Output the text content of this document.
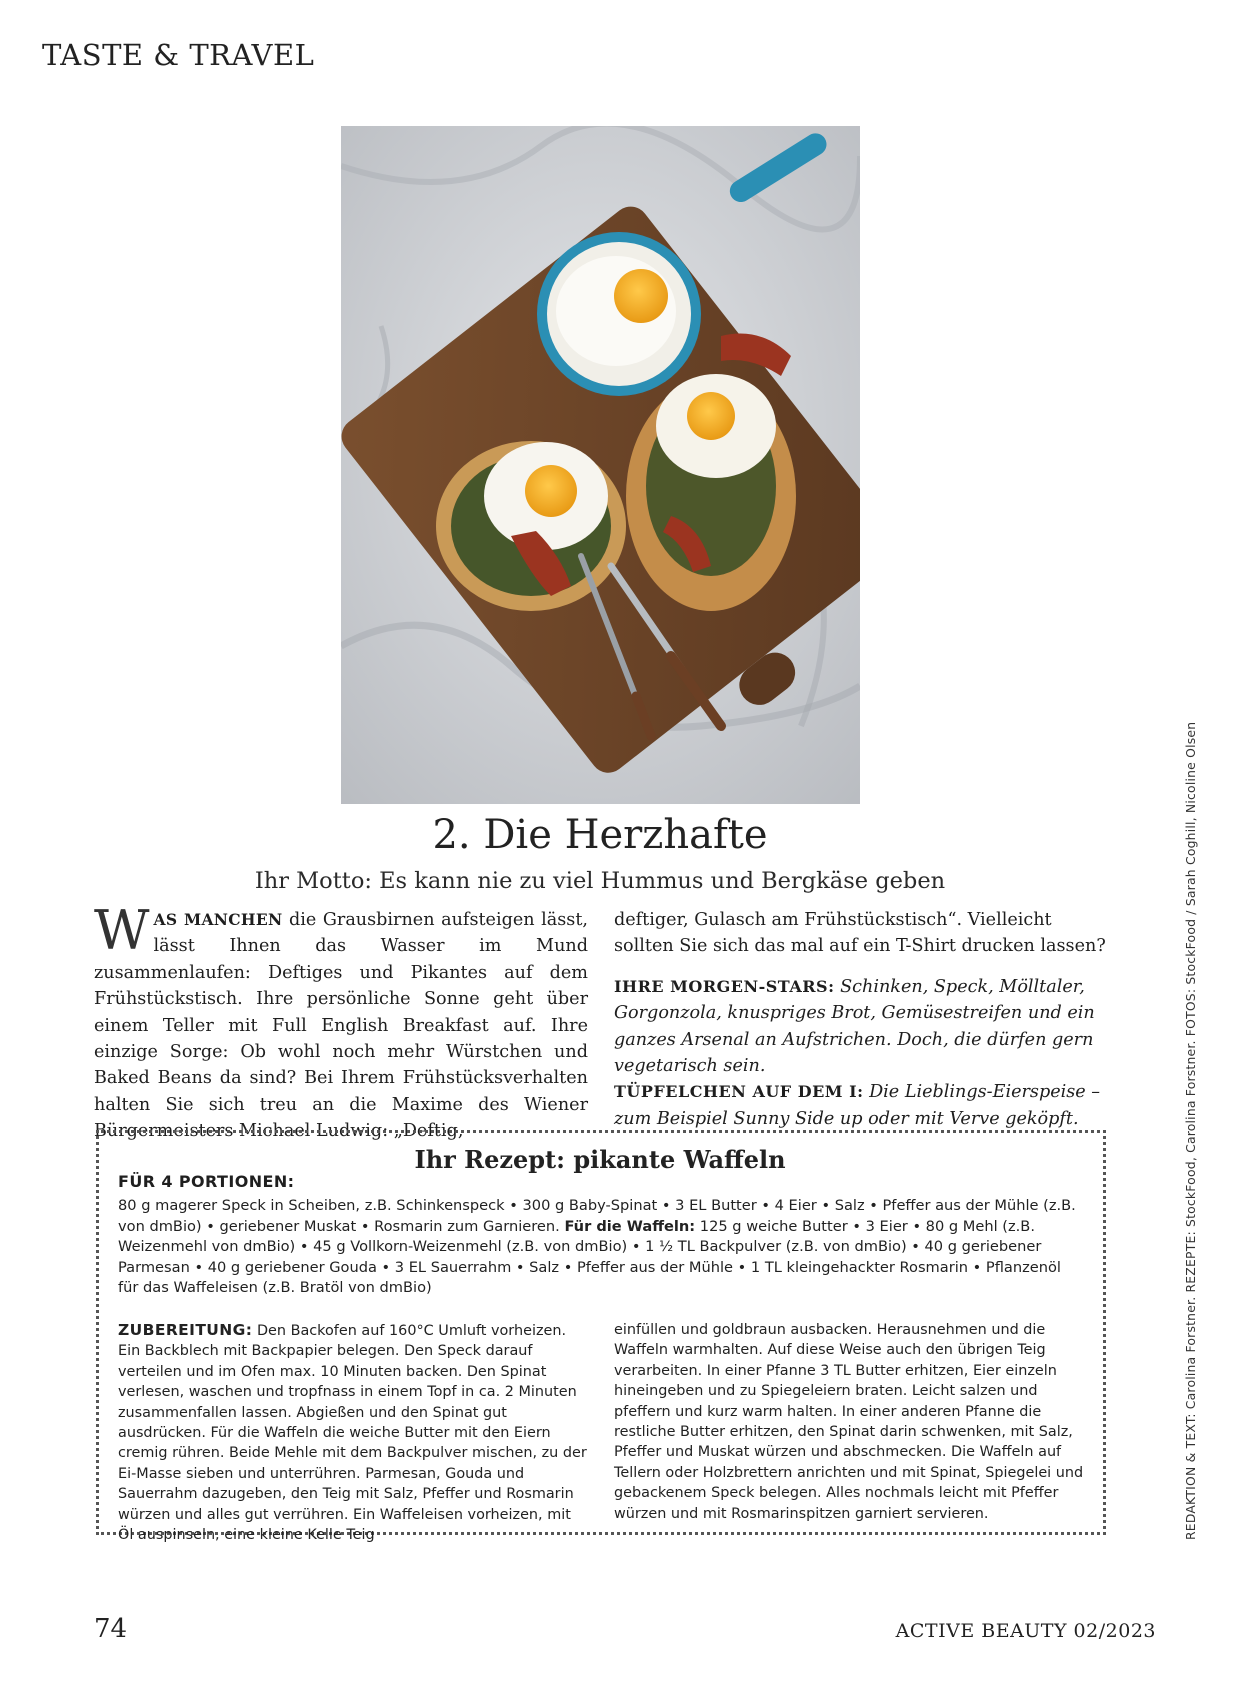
TASTE & TRAVEL
2. Die Herzhafte
Ihr Motto: Es kann nie zu viel Hummus und Bergkäse geben
WAS MANCHEN die Grausbirnen aufsteigen lässt, lässt Ihnen das Wasser im Mund zusammenlaufen: Deftiges und Pikantes auf dem Frühstückstisch. Ihre persönliche Sonne geht über einem Teller mit Full English Breakfast auf. Ihre einzige Sorge: Ob wohl noch mehr Würstchen und Baked Beans da sind? Bei Ihrem Frühstücksverhalten halten Sie sich treu an die Maxime des Wiener Bürgermeisters Michael Ludwig: „Deftig,
deftiger, Gulasch am Frühstückstisch“. Vielleicht sollten Sie sich das mal auf ein T-Shirt drucken lassen?
IHRE MORGEN-STARS: Schinken, Speck, Mölltaler, Gorgonzola, knuspriges Brot, Gemüsestreifen und ein ganzes Arsenal an Aufstrichen. Doch, die dürfen gern vegetarisch sein.
TÜPFELCHEN AUF DEM I: Die Lieblings-Eierspeise – zum Beispiel Sunny Side up oder mit Verve geköpft.
Ihr Rezept: pikante Waffeln
FÜR 4 PORTIONEN:
80 g magerer Speck in Scheiben, z.B. Schinkenspeck • 300 g Baby-Spinat • 3 EL Butter • 4 Eier • Salz • Pfeffer aus der Mühle (z.B. von dmBio) • geriebener Muskat • Rosmarin zum Garnieren. Für die Waffeln: 125 g weiche Butter • 3 Eier • 80 g Mehl (z.B. Weizenmehl von dmBio) • 45 g Vollkorn-Weizenmehl (z.B. von dmBio) • 1 ½ TL Backpulver (z.B. von dmBio) • 40 g geriebener Parmesan • 40 g geriebener Gouda • 3 EL Sauerrahm • Salz • Pfeffer aus der Mühle • 1 TL kleingehackter Rosmarin • Pflanzenöl für das Waffeleisen (z.B. Bratöl von dmBio)
ZUBEREITUNG: Den Backofen auf 160°C Umluft vorheizen. Ein Backblech mit Backpapier belegen. Den Speck darauf verteilen und im Ofen max. 10 Minuten backen. Den Spinat verlesen, waschen und tropfnass in einem Topf in ca. 2 Minuten zusammenfallen lassen. Abgießen und den Spinat gut ausdrücken. Für die Waffeln die weiche Butter mit den Eiern cremig rühren. Beide Mehle mit dem Backpulver mischen, zu der Ei-Masse sieben und unterrühren. Parmesan, Gouda und Sauerrahm dazugeben, den Teig mit Salz, Pfeffer und Rosmarin würzen und alles gut verrühren. Ein Waffeleisen vorheizen, mit Öl auspinseln, eine kleine Kelle Teig
einfüllen und goldbraun ausbacken. Herausnehmen und die Waffeln warmhalten. Auf diese Weise auch den übrigen Teig verarbeiten. In einer Pfanne 3 TL Butter erhitzen, Eier einzeln hineingeben und zu Spiegeleiern braten. Leicht salzen und pfeffern und kurz warm halten. In einer anderen Pfanne die restliche Butter erhitzen, den Spinat darin schwenken, mit Salz, Pfeffer und Muskat würzen und abschmecken. Die Waffeln auf Tellern oder Holzbrettern anrichten und mit Spinat, Spiegelei und gebackenem Speck belegen. Alles nochmals leicht mit Pfeffer würzen und mit Rosmarinspitzen garniert servieren.	REDAKTION & TEXT: Carolina Forstner. REZEPTE: StockFood, Carolina Forstner. FOTOS: StockFood / Sarah Coghill, Nicoline Olsen
74	ACTIVE BEAUTY 02/2023
